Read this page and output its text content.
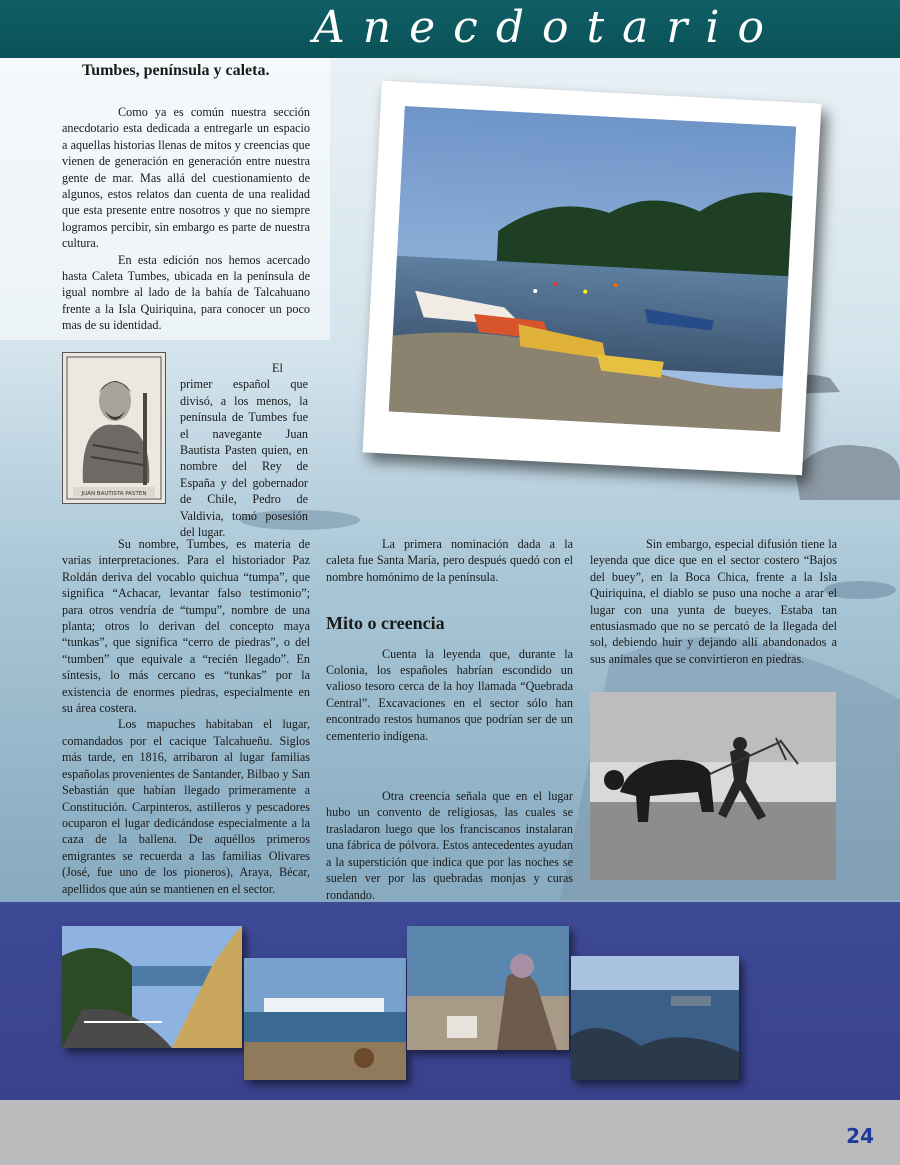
Anecdotario
Tumbes, península y caleta.

Como ya es común nuestra sección anecdotario esta dedicada a entregarle un espacio a aquellas historias llenas de mitos y creencias que vienen de generación en generación entre nuestra gente de mar. Mas allá del cuestionamiento de algunos, estos relatos dan cuenta de una realidad que esta presente entre nosotros y que no siempre logramos percibir, sin embargo es parte de nuestra cultura.

En esta edición nos hemos acercado hasta Caleta Tumbes, ubicada en la península de igual nombre al lado de la bahía de Talcahuano frente a la Isla Quiriquina, para conocer un poco mas de su identidad.

JUAN BAUTISTA PASTEN

El primer español que divisó, a los menos, la península de Tumbes fue el navegante Juan Bautista Pasten quien, en nombre del Rey de España y del gobernador de Chile, Pedro de Valdivia, tomó posesión del lugar.

Su nombre, Tumbes, es materia de varias interpretaciones. Para el historiador Paz Roldán deriva del vocablo quichua “tumpa”, que significa “Achacar, levantar falso testimonio”; para otros vendría de “tumpu”, nombre de una planta; otros lo derivan del concepto maya “tunkas”, que significa “cerro de piedras”, o del “tumben” que equivale a “recién llegado”. En síntesis, lo más cercano es “tunkas” por la existencia de enormes piedras, especialmente en su área costera.

Los mapuches habitaban el lugar, comandados por el cacique Talcahueñu. Siglos más tarde, en 1816, arribaron al lugar familias españolas provenientes de Santander, Bilbao y San Sebastián que habían llegado primeramente a Constitución. Carpinteros, astilleros y pescadores ocuparon el lugar dedicándose especialmente a la caza de la ballena. De aquéllos primeros emigrantes se recuerda a las familias Olivares (José, fue uno de los pioneros), Araya, Bécar, apellidos que aún se mantienen en el sector.

La primera nominación dada a la caleta fue Santa María, pero después quedó con el nombre homónimo de la península.

Mito o creencia

Cuenta la leyenda que, durante la Colonia, los españoles habrían escondido un valioso tesoro cerca de la hoy llamada “Quebrada Central”. Excavaciones en el sector sólo han encontrado restos humanos que podrían ser de un cementerio indígena.

Otra creencia señala que en el lugar hubo un convento de religiosas, las cuales se trasladaron luego que los franciscanos instalaran una fábrica de pólvora. Estos antecedentes ayudan a la superstición que indica que por las noches se suelen ver por las quebradas monjas y curas rondando.

Sin embargo, especial difusión tiene la leyenda que dice que en el sector costero “Bajos del buey”, en la Boca Chica, frente a la Isla Quiriquina, el diablo se puso una noche a arar el lugar con una yunta de bueyes. Estaba tan entusiasmado que no se percató de la llegada del sol, debiendo huir y dejando allí abandonados a sus animales que se convirtieron en piedras.

24
